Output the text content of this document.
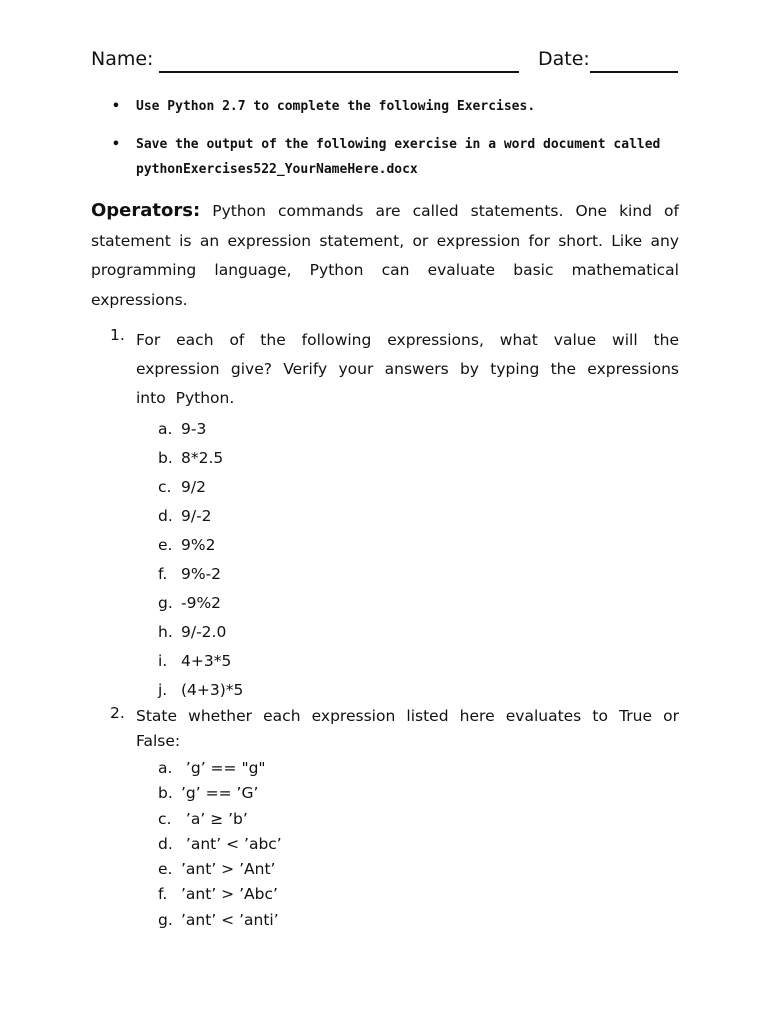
Name:	Date:
• Use Python 2.7 to complete the following Exercises.
• Save the output of the following exercise in a word document called pythonExercises522_YourNameHere.docx
Operators: Python commands are called statements. One kind of statement is an expression statement, or expression for short. Like any programming language, Python can evaluate basic mathematical expressions.
1. For each of the following expressions, what value will the expression give? Verify your answers by typing the expressions into Python.
a. 9-3
b. 8*2.5
c. 9/2
d. 9/-2
e. 9%2
f. 9%-2
g. -9%2
h. 9/-2.0
i. 4+3*5
j. (4+3)*5
2. State whether each expression listed here evaluates to True or False:
a. ’g’ == "g"
b. ’g’ == ’G’
c. ’a’ ≥ ’b’
d. ’ant’ < ’abc’
e. ’ant’ > ’Ant’
f. ’ant’ > ’Abc’
g. ’ant’ < ’anti’
